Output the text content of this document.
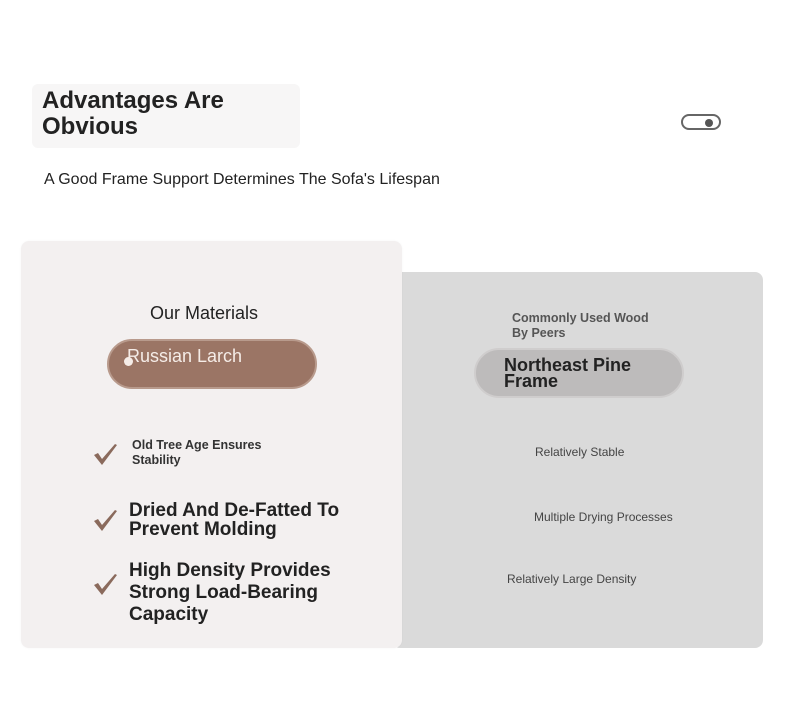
Advantages Are Obvious
A Good Frame Support Determines The Sofa's Lifespan
Our Materials
Russian Larch
Old Tree Age Ensures Stability
Dried And De-Fatted To Prevent Molding
High Density Provides Strong Load-Bearing Capacity
Commonly Used Wood By Peers
Northeast Pine Frame
Relatively Stable
Multiple Drying Processes
Relatively Large Density
